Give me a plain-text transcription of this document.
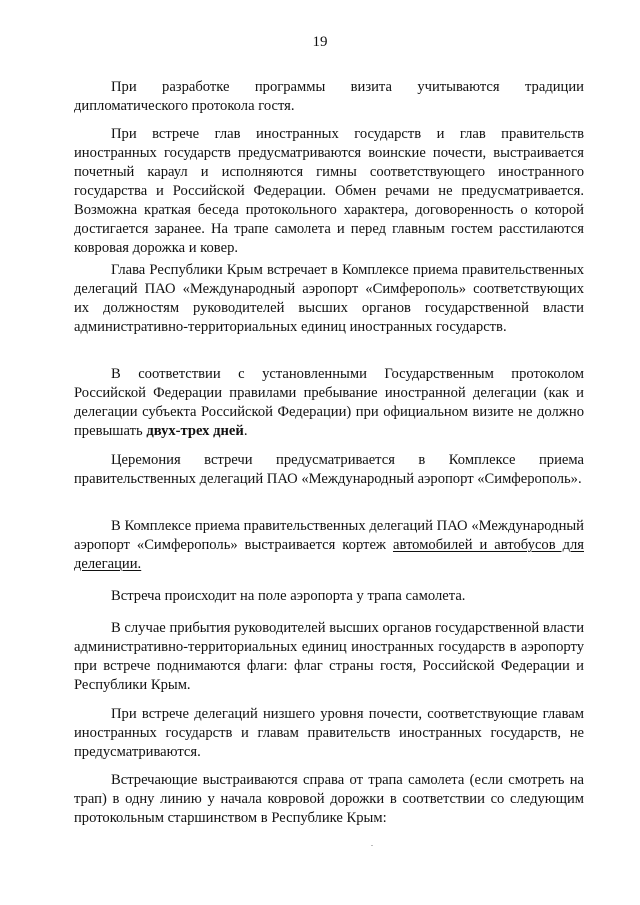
19

При разработке программы визита учитываются традиции дипломатического протокола гостя.

При встрече глав иностранных государств и глав правительств иностранных государств предусматриваются воинские почести, выстраивается почетный караул и исполняются гимны соответствующего иностранного государства и Российской Федерации. Обмен речами не предусматривается. Возможна краткая беседа протокольного характера, договоренность о которой достигается заранее. На трапе самолета и перед главным гостем расстилаются ковровая дорожка и ковер.

Глава Республики Крым встречает в Комплексе приема правительственных делегаций ПАО «Международный аэропорт «Симферополь» соответствующих их должностям руководителей высших органов государственной власти административно-территориальных единиц иностранных государств.

В соответствии с установленными Государственным протоколом Российской Федерации правилами пребывание иностранной делегации (как и делегации субъекта Российской Федерации) при официальном визите не должно превышать двух-трех дней.

Церемония встречи предусматривается в Комплексе приема правительственных делегаций ПАО «Международный аэропорт «Симферополь».

В Комплексе приема правительственных делегаций ПАО «Международный аэропорт «Симферополь» выстраивается кортеж автомобилей и автобусов для делегации.

Встреча происходит на поле аэропорта у трапа самолета.

В случае прибытия руководителей высших органов государственной власти административно-территориальных единиц иностранных государств в аэропорту при встрече поднимаются флаги: флаг страны гостя, Российской Федерации и Республики Крым.

При встрече делегаций низшего уровня почести, соответствующие главам иностранных государств и главам правительств иностранных государств, не предусматриваются.

Встречающие выстраиваются справа от трапа самолета (если смотреть на трап) в одну линию у начала ковровой дорожки в соответствии со следующим протокольным старшинством в Республике Крым:
